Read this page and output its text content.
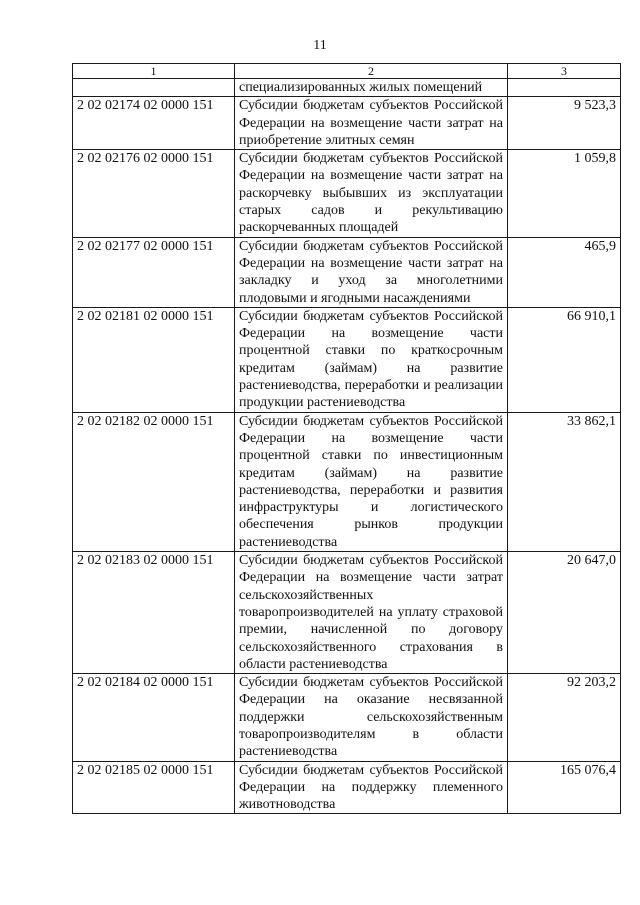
11
1	2	3
	специализированных жилых помещений	
2 02 02174 02 0000 151	Субсидии бюджетам субъектов Российской Федерации на возмещение части затрат на приобретение элитных семян	9 523,3
2 02 02176 02 0000 151	Субсидии бюджетам субъектов Российской Федерации на возмещение части затрат на раскорчевку выбывших из эксплуатации старых садов и рекультивацию раскорчеванных площадей	1 059,8
2 02 02177 02 0000 151	Субсидии бюджетам субъектов Российской Федерации на возмещение части затрат на закладку и уход за многолетними плодовыми и ягодными насаждениями	465,9
2 02 02181 02 0000 151	Субсидии бюджетам субъектов Российской Федерации на возмещение части процентной ставки по краткосрочным кредитам (займам) на развитие растениеводства, переработки и реализации продукции растениеводства	66 910,1
2 02 02182 02 0000 151	Субсидии бюджетам субъектов Российской Федерации на возмещение части процентной ставки по инвестиционным кредитам (займам) на развитие растениеводства, переработки и развития инфраструктуры и логистического обеспечения рынков продукции растениеводства	33 862,1
2 02 02183 02 0000 151	Субсидии бюджетам субъектов Российской Федерации на возмещение части затрат сельскохозяйственных товаропроизводителей на уплату страховой премии, начисленной по договору сельскохозяйственного страхования в области растениеводства	20 647,0
2 02 02184 02 0000 151	Субсидии бюджетам субъектов Российской Федерации на оказание несвязанной поддержки сельскохозяйственным товаропроизводителям в области растениеводства	92 203,2
2 02 02185 02 0000 151	Субсидии бюджетам субъектов Российской Федерации на поддержку племенного животноводства	165 076,4
